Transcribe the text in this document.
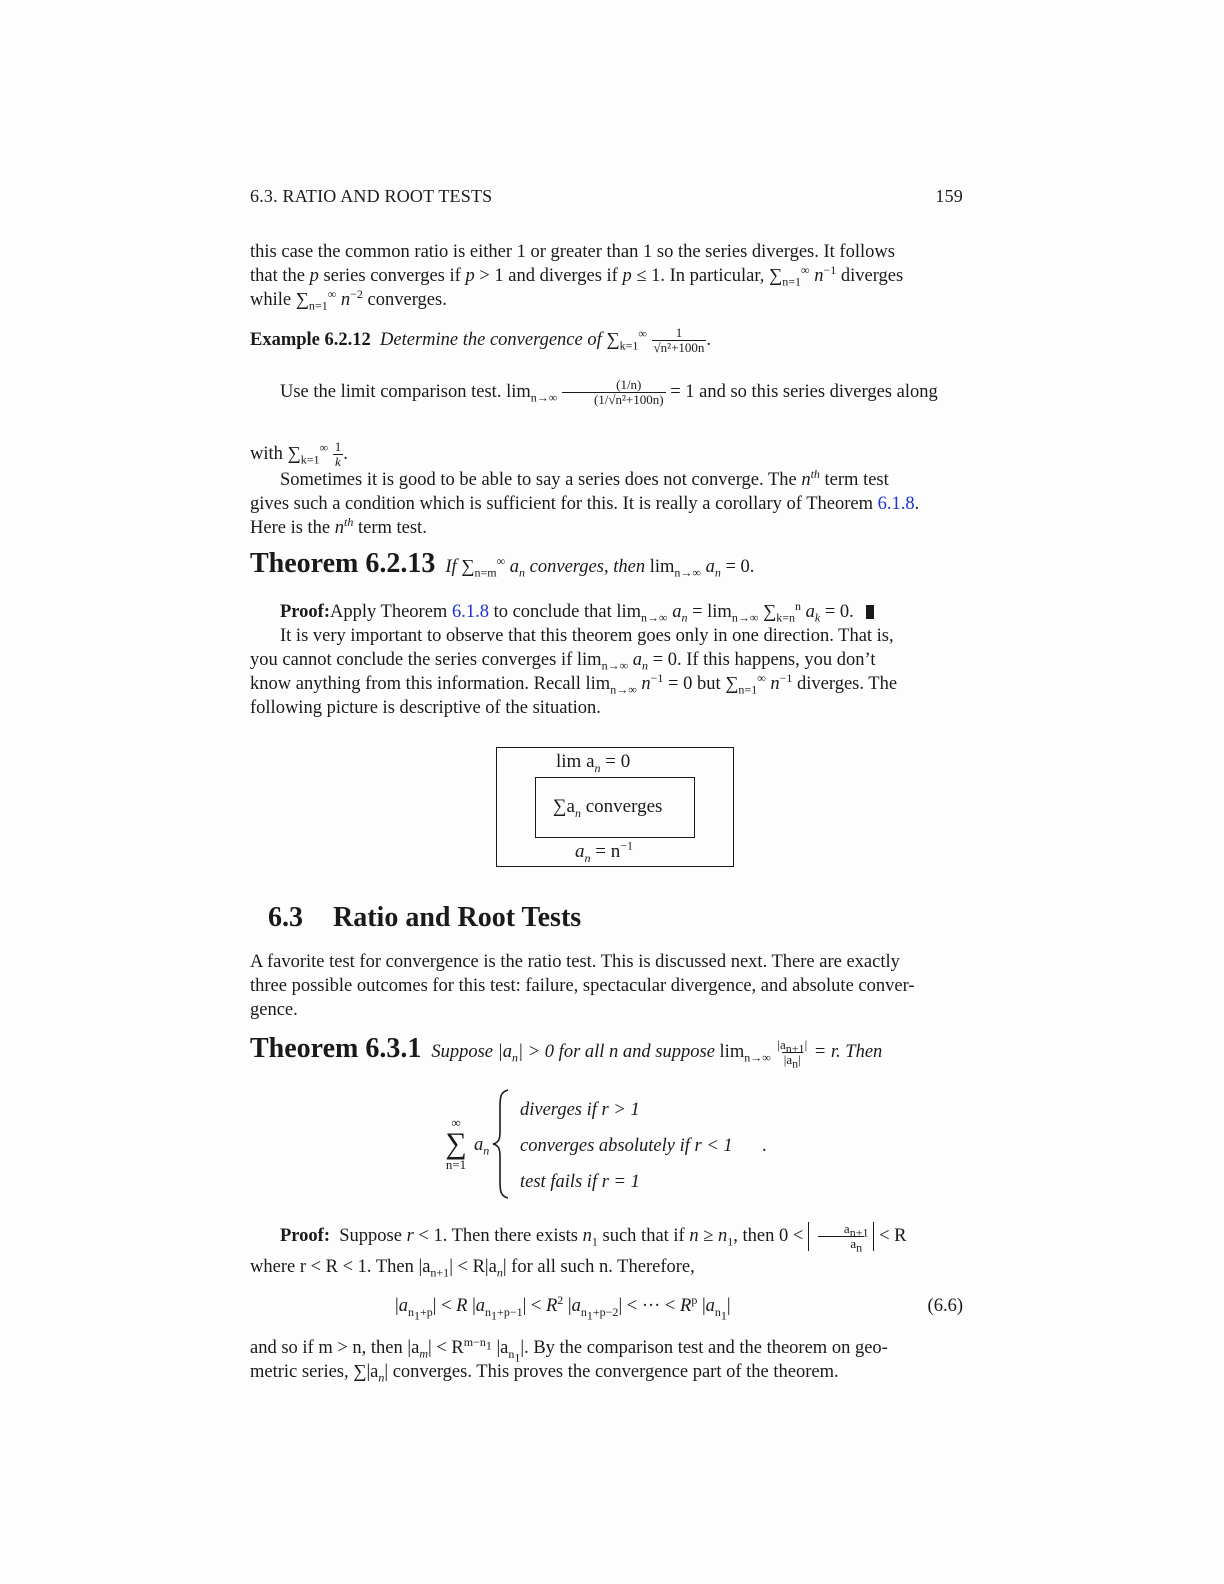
6.3. RATIO AND ROOT TESTS	159

this case the common ratio is either 1 or greater than 1 so the series diverges. It follows

that the p series converges if p > 1 and diverges if p ≤ 1. In particular, $\sum_{n=1}^\infty$ $n^{-1}$ diverges

while $\sum_{n=1}^\infty$ $n^{-2}$ converges.

Example 6.2.12 Determine the convergence of $\sum_{k=1}^\infty \frac{1}{\text{√n²+100n}}$ .

Use the limit comparison test. $\lim_{n\to\infty} \frac{(1/n)}{\text{(1/√n²+100n)}} = 1$ and so this series diverges along

with $\sum_{k=1}^\infty \frac{1}{k}$ .

Sometimes it is good to be able to say a series does not converge. The $n^{th}$ term test

gives such a condition which is sufficient for this. It is really a corollary of Theorem 6.1.8.

Here is the $n^{th}$ term test.

Theorem 6.2.13 If $\sum_{n=m}^\infty$ $a_n$ converges, then $\lim_{n\to\infty} a_n = 0$.

Proof:Apply Theorem 6.1.8 to conclude that $\lim_{n\to\infty} a_n = \lim_{n\to\infty} \sum_{k=n}^n$ $a_k = 0$.

It is very important to observe that this theorem goes only in one direction. That is,

you cannot conclude the series converges if $\lim_{n\to\infty} a_n = 0$. If this happens, you don’t

know anything from this information. Recall $\lim_{n\to\infty} n^{-1} = 0$ but $\sum_{n=1}^\infty$ $n^{-1}$ diverges. The

following picture is descriptive of the situation.

$\lim a_n = 0$
$\sum a_n$ converges
$a_n = n^{-1}$
6.3 Ratio and Root Tests

A favorite test for convergence is the ratio test. This is discussed next. There are exactly

three possible outcomes for this test: failure, spectacular divergence, and absolute conver-

gence.

Theorem 6.3.1 Suppose $|a_n| > 0$ for all n and suppose $\lim_{n\to\infty} \frac{|a_{n+1}|}{|a_n|} = r$. Then
∞
∑
n=1
$a_n$
diverges if r > 1
converges absolutely if r < 1
test fails if r = 1
.

Proof: Suppose r < 1. Then there exists $n_1$ such that if $n \ge n_1$, then $0 < \frac{a_{n+1}}{a_n} < R$

where r < R < 1. Then $|a_{n+1}| < R|a_n|$ for all such n. Therefore,

$|a_{n_1+p}| < R$ $|a_{n_1+p-1}| < R^2$ $|a_{n_1+p-2}|$ < ··· < $R^p$ $|a_{n_1}|$	(6.6)

and so if m > n, then $|a_m| < R^{m-n_1}$ $|a_{n_1}|$. By the comparison test and the theorem on geo-

metric series, $\sum|a_n|$ converges. This proves the convergence part of the theorem.
